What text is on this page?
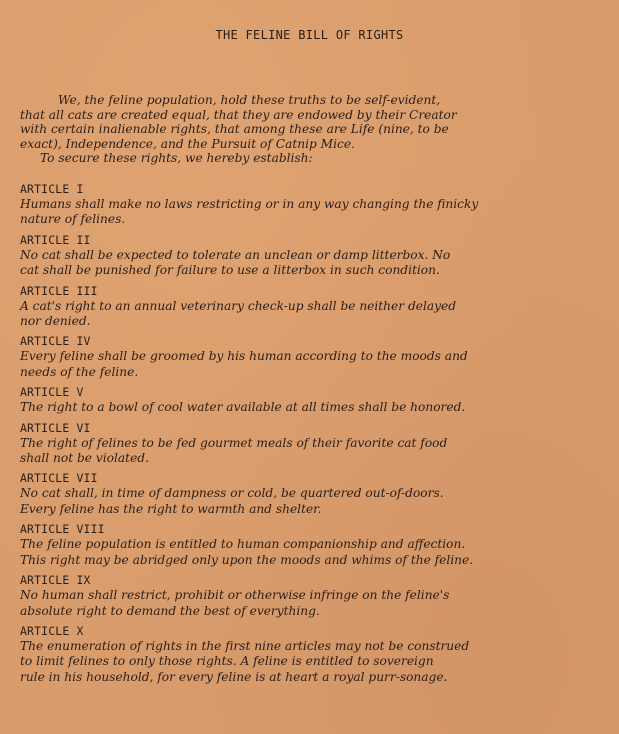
THE FELINE BILL OF RIGHTS
We, the feline population, hold these truths to be self-evident,
that all cats are created equal, that they are endowed by their Creator
with certain inalienable rights, that among these are Life (nine, to be
exact), Independence, and the Pursuit of Catnip Mice.
To secure these rights, we hereby establish:
ARTICLE I
Humans shall make no laws restricting or in any way changing the finicky
nature of felines.
ARTICLE II
No cat shall be expected to tolerate an unclean or damp litterbox. No
cat shall be punished for failure to use a litterbox in such condition.
ARTICLE III
A cat's right to an annual veterinary check-up shall be neither delayed
nor denied.
ARTICLE IV
Every feline shall be groomed by his human according to the moods and
needs of the feline.
ARTICLE V
The right to a bowl of cool water available at all times shall be honored.
ARTICLE VI
The right of felines to be fed gourmet meals of their favorite cat food
shall not be violated.
ARTICLE VII
No cat shall, in time of dampness or cold, be quartered out-of-doors.
Every feline has the right to warmth and shelter.
ARTICLE VIII
The feline population is entitled to human companionship and affection.
This right may be abridged only upon the moods and whims of the feline.
ARTICLE IX
No human shall restrict, prohibit or otherwise infringe on the feline's
absolute right to demand the best of everything.
ARTICLE X
The enumeration of rights in the first nine articles may not be construed
to limit felines to only those rights. A feline is entitled to sovereign
rule in his household, for every feline is at heart a royal purr-sonage.
